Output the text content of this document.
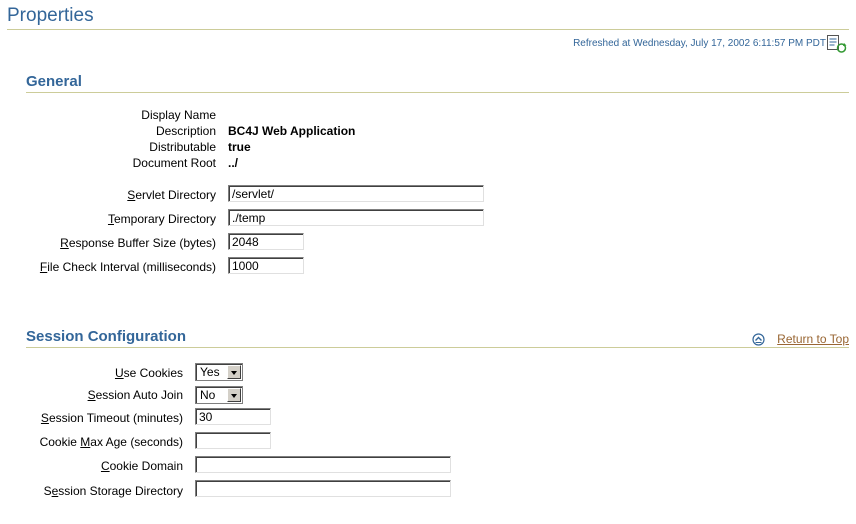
Properties
Refreshed at Wednesday, July 17, 2002 6:11:57 PM PDT
General
Display Name
Description BC4J Web Application
Distributable true
Document Root ../
Servlet Directory
/servlet/
Temporary Directory
./temp
Response Buffer Size (bytes)
2048
File Check Interval (milliseconds)
1000
Session Configuration	Return to Top
Use Cookies Yes
Session Auto Join No
Session Timeout (minutes)
30
Cookie Max Age (seconds)
Cookie Domain
Session Storage Directory
